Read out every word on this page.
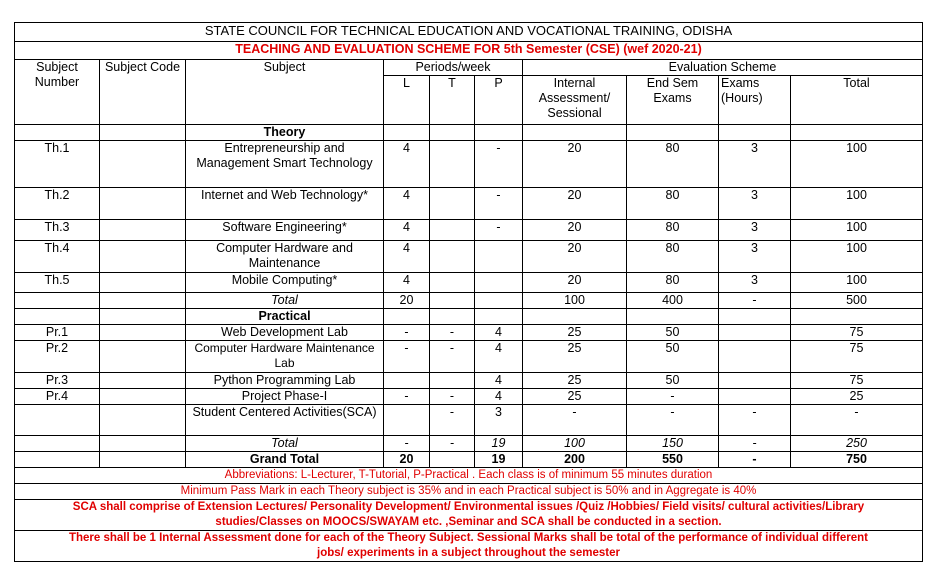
STATE COUNCIL FOR TECHNICAL EDUCATION AND VOCATIONAL TRAINING, ODISHA									
TEACHING AND EVALUATION SCHEME FOR 5th Semester (CSE) (wef 2020-21)									
Subject Number	Subject Code	Subject	Periods/week			Evaluation Scheme			
			L	T	P	Internal Assessment/ Sessional	End Sem Exams	Exams (Hours)	Total
		Theory							
Th.1		Entrepreneurship and Management Smart Technology	4		-	20	80	3	100
Th.2		Internet and Web Technology*	4		-	20	80	3	100
Th.3		Software Engineering*	4		-	20	80	3	100
Th.4		Computer Hardware and Maintenance	4			20	80	3	100
Th.5		Mobile Computing*	4			20	80	3	100
		Total	20			100	400	-	500
		Practical							
Pr.1		Web Development Lab	-	-	4	25	50		75
Pr.2		Computer Hardware Maintenance Lab	-	-	4	25	50		75
Pr.3		Python Programming Lab			4	25	50		75
Pr.4		Project Phase-I	-	-	4	25	-		25
		Student Centered Activities(SCA)		-	3	-	-	-	-
		Total	-	-	19	100	150	-	250
		Grand Total	20		19	200	550	-	750
Abbreviations: L-Lecturer, T-Tutorial, P-Practical . Each class is of minimum 55 minutes duration									
Minimum Pass Mark in each Theory subject is 35% and in each Practical subject is 50% and in Aggregate is 40%									

SCA shall comprise of Extension Lectures/ Personality Development/ Environmental issues /Quiz /Hobbies/ Field visits/ cultural activities/Library
studies/Classes on MOOCS/SWAYAM etc. ,Seminar and SCA shall be conducted in a section.									

There shall be 1 Internal Assessment done for each of the Theory Subject. Sessional Marks shall be total of the performance of individual different
jobs/ experiments in a subject throughout the semester									
